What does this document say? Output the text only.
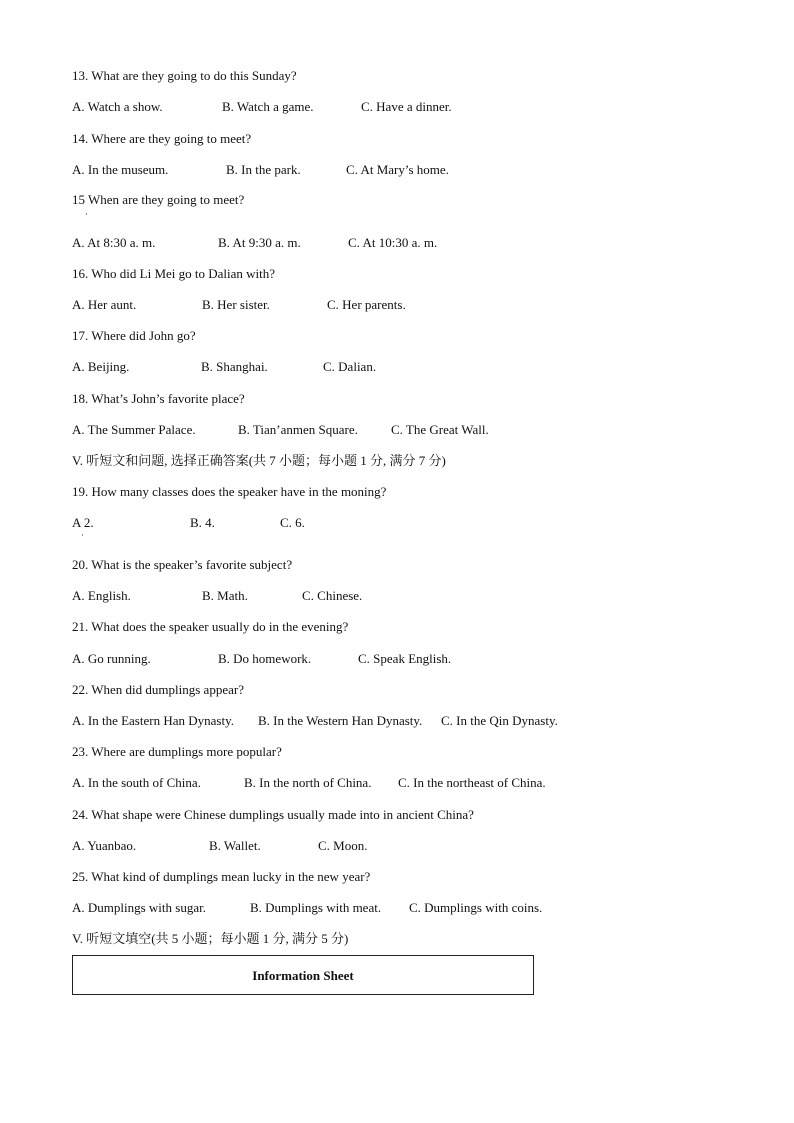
13. What are they going to do this Sunday?
A. Watch a show.	B. Watch a game.	C. Have a dinner.
14. Where are they going to meet?
A. In the museum.	B. In the park.	C. At Mary’s home.
15 When are they going to meet?
·
A. At 8:30 a. m.	B. At 9:30 a. m.	C. At 10:30 a. m.
16. Who did Li Mei go to Dalian with?
A. Her aunt.	B. Her sister.	C. Her parents.
17. Where did John go?
A. Beijing.	B. Shanghai.	C. Dalian.
18. What’s John’s favorite place?
A. The Summer Palace.	B. Tian’anmen Square.	C. The Great Wall.
V. 听短文和问题, 选择正确答案(共 7 小题；每小题 1 分, 满分 7 分)
19. How many classes does the speaker have in the moning?
A 2.
·
B. 4.	C. 6.
20. What is the speaker’s favorite subject?
A. English.	B. Math.	C. Chinese.
21. What does the speaker usually do in the evening?
A. Go running.	B. Do homework.	C. Speak English.
22. When did dumplings appear?
A. In the Eastern Han Dynasty. B. In the Western Han Dynasty. C. In the Qin Dynasty.
23. Where are dumplings more popular?
A. In the south of China.	B. In the north of China. C. In the northeast of China.
24. What shape were Chinese dumplings usually made into in ancient China?
A. Yuanbao.	B. Wallet.	C. Moon.
25. What kind of dumplings mean lucky in the new year?
A. Dumplings with sugar.	B. Dumplings with meat. C. Dumplings with coins.
V. 听短文填空(共 5 小题；每小题 1 分, 满分 5 分)
Information Sheet
